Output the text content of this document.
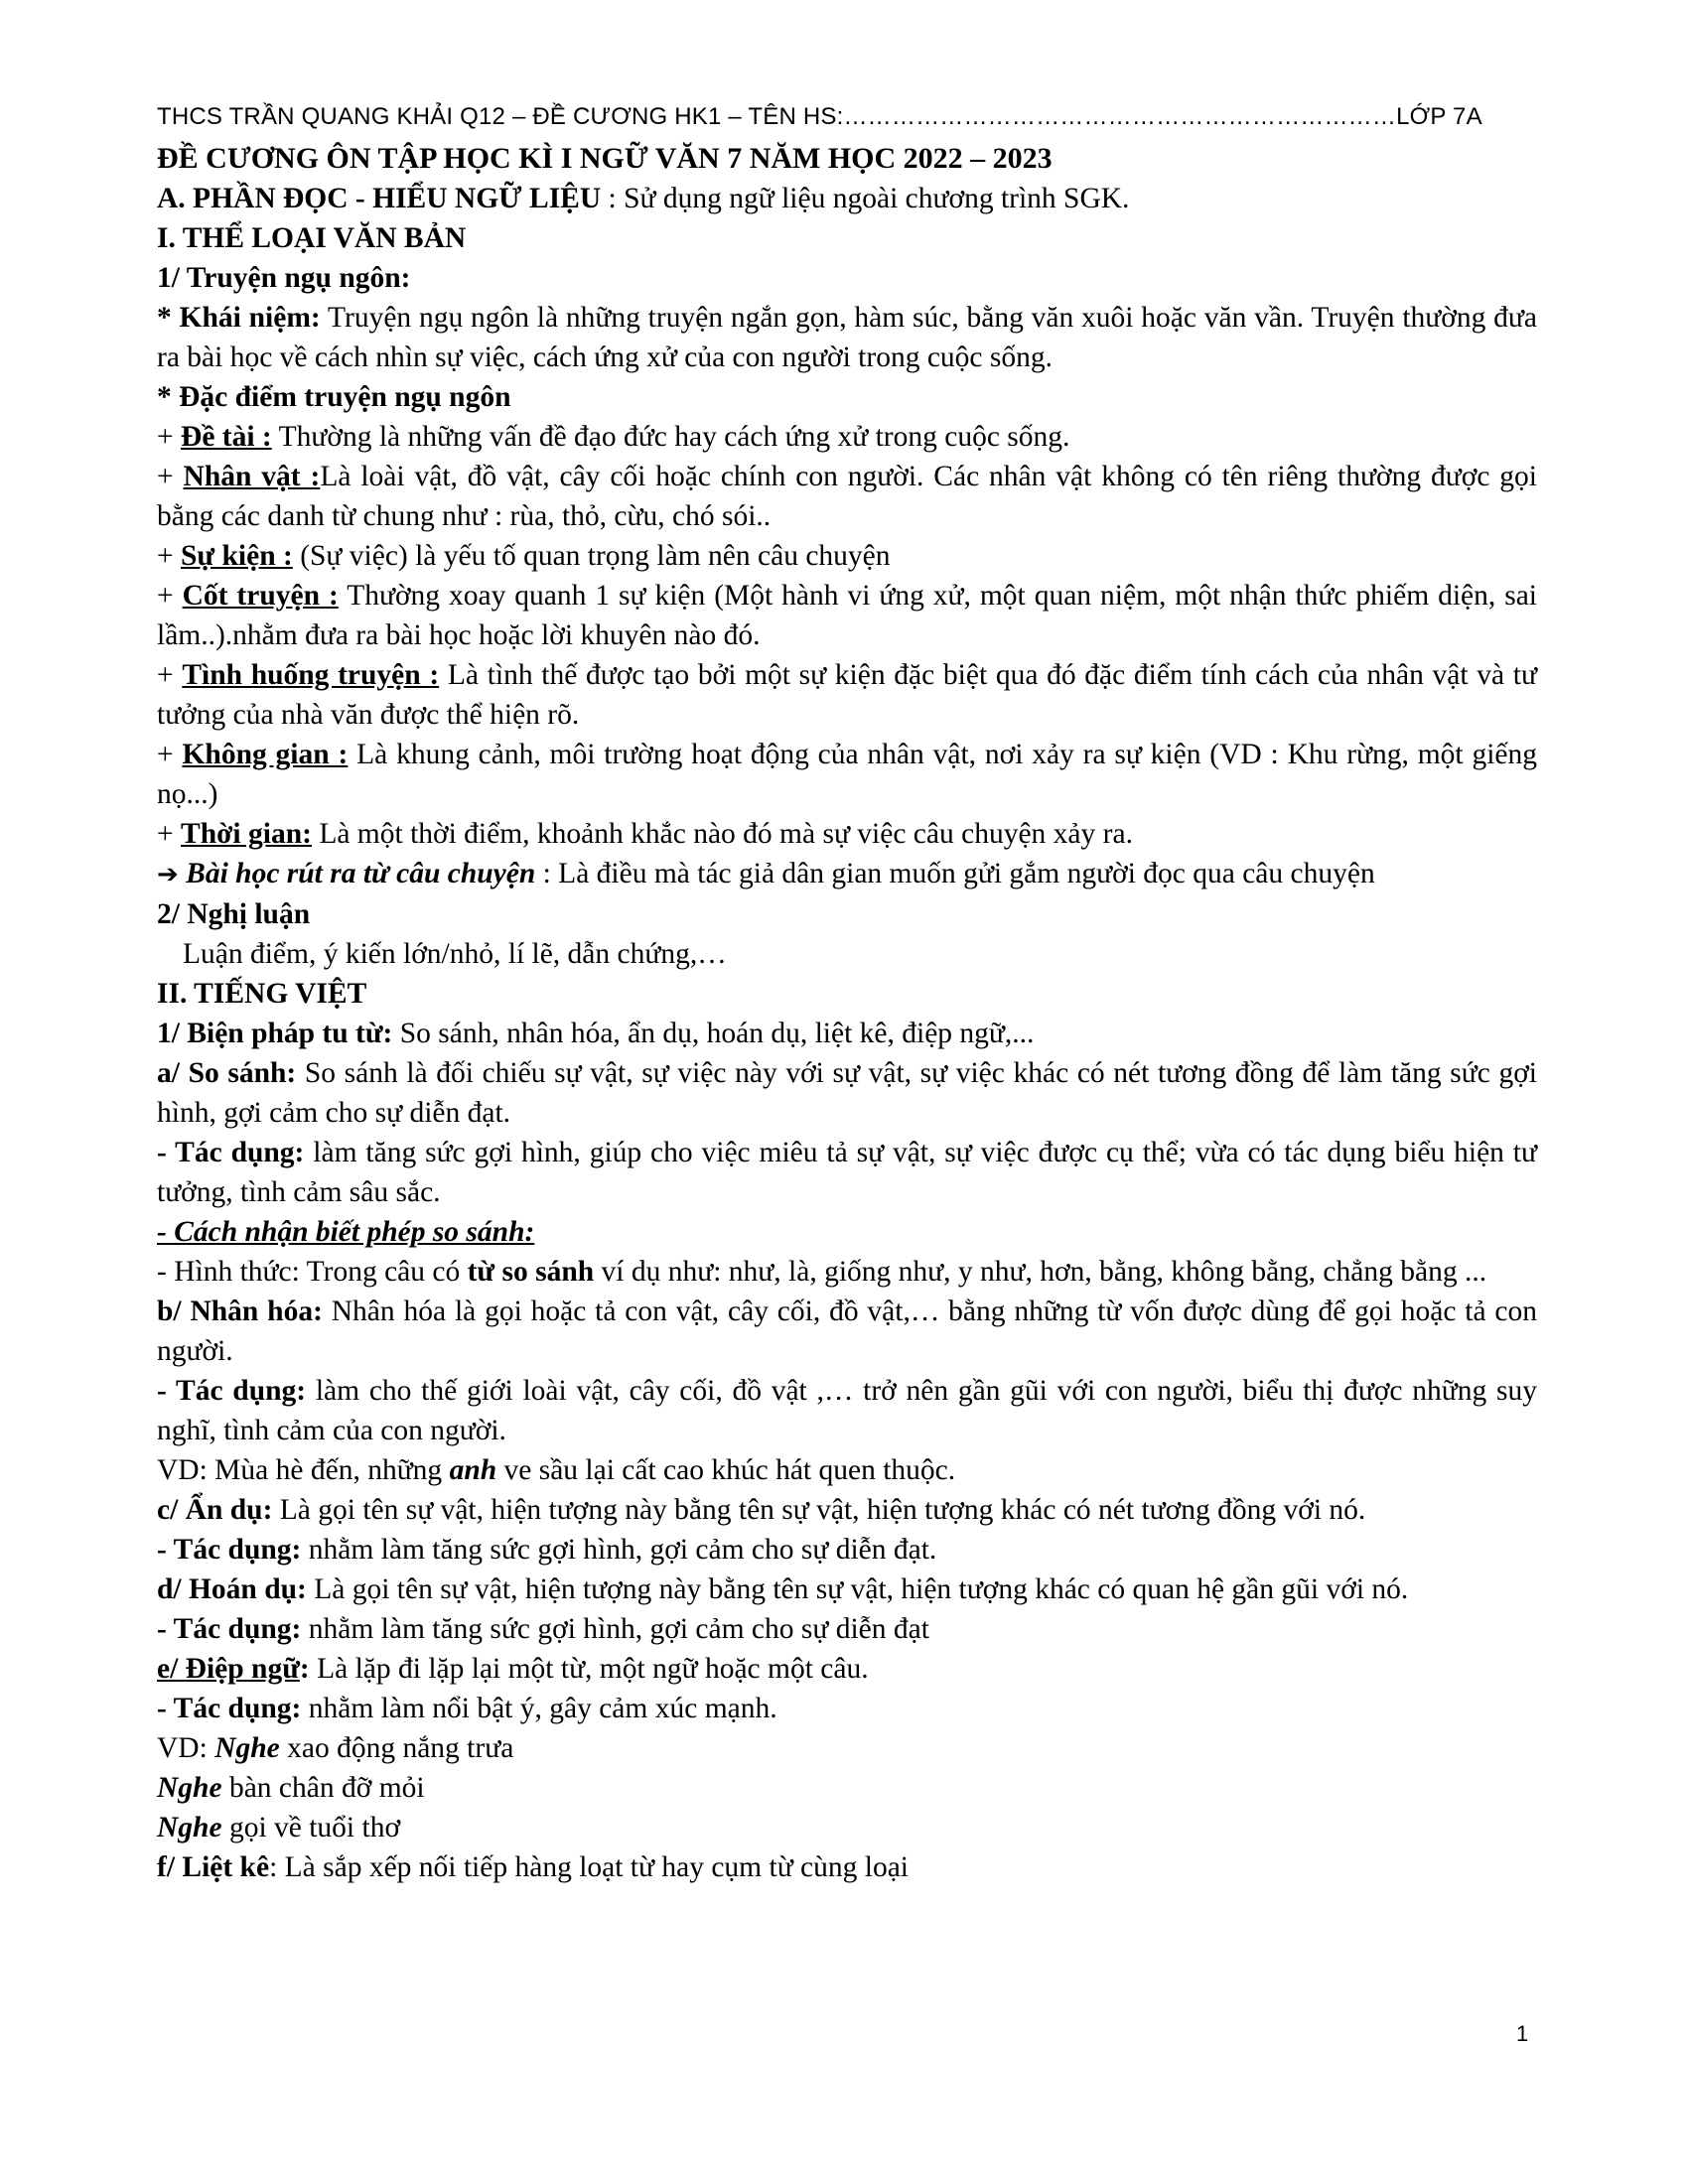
THCS TRẦN QUANG KHẢI Q12 – ĐỀ CƯƠNG HK1 – TÊN HS:……………………………………………………………LỚP 7A
ĐỀ CƯƠNG ÔN TẬP HỌC KÌ I NGỮ VĂN 7 NĂM HỌC 2022 – 2023
A. PHẦN ĐỌC - HIỂU NGỮ LIỆU : Sử dụng ngữ liệu ngoài chương trình SGK.
I. THỂ LOẠI VĂN BẢN
1/ Truyện ngụ ngôn:
* Khái niệm: Truyện ngụ ngôn là những truyện ngắn gọn, hàm súc, bằng văn xuôi hoặc văn vần. Truyện thường đưa ra bài học về cách nhìn sự việc, cách ứng xử của con người trong cuộc sống.
* Đặc điểm truyện ngụ ngôn
+ Đề tài : Thường là những vấn đề đạo đức hay cách ứng xử trong cuộc sống.
+ Nhân vật :Là loài vật, đồ vật, cây cối hoặc chính con người. Các nhân vật không có tên riêng thường được gọi bằng các danh từ chung như : rùa, thỏ, cừu, chó sói..
+ Sự kiện : (Sự việc) là yếu tố quan trọng làm nên câu chuyện
+ Cốt truyện : Thường xoay quanh 1 sự kiện (Một hành vi ứng xử, một quan niệm, một nhận thức phiếm diện, sai lầm..).nhằm đưa ra bài học hoặc lời khuyên nào đó.
+ Tình huống truyện : Là tình thế được tạo bởi một sự kiện đặc biệt qua đó đặc điểm tính cách của nhân vật và tư tưởng của nhà văn được thể hiện rõ.
+ Không gian : Là khung cảnh, môi trường hoạt động của nhân vật, nơi xảy ra sự kiện (VD : Khu rừng, một giếng nọ...)
+ Thời gian: Là một thời điểm, khoảnh khắc nào đó mà sự việc câu chuyện xảy ra.
➔ Bài học rút ra từ câu chuyện : Là điều mà tác giả dân gian muốn gửi gắm người đọc qua câu chuyện
2/ Nghị luận
Luận điểm, ý kiến lớn/nhỏ, lí lẽ, dẫn chứng,…
II. TIẾNG VIỆT
1/ Biện pháp tu từ: So sánh, nhân hóa, ẩn dụ, hoán dụ, liệt kê, điệp ngữ,...
a/ So sánh: So sánh là đối chiếu sự vật, sự việc này với sự vật, sự việc khác có nét tương đồng để làm tăng sức gợi hình, gợi cảm cho sự diễn đạt.
- Tác dụng: làm tăng sức gợi hình, giúp cho việc miêu tả sự vật, sự việc được cụ thể; vừa có tác dụng biểu hiện tư tưởng, tình cảm sâu sắc.
- Cách nhận biết phép so sánh:
- Hình thức: Trong câu có từ so sánh ví dụ như: như, là, giống như, y như, hơn, bằng, không bằng, chẳng bằng ...
b/ Nhân hóa: Nhân hóa là gọi hoặc tả con vật, cây cối, đồ vật,… bằng những từ vốn được dùng để gọi hoặc tả con người.
- Tác dụng: làm cho thế giới loài vật, cây cối, đồ vật ,… trở nên gần gũi với con người, biểu thị được những suy nghĩ, tình cảm của con người.
VD: Mùa hè đến, những anh ve sầu lại cất cao khúc hát quen thuộc.
c/ Ẩn dụ: Là gọi tên sự vật, hiện tượng này bằng tên sự vật, hiện tượng khác có nét tương đồng với nó.
- Tác dụng: nhằm làm tăng sức gợi hình, gợi cảm cho sự diễn đạt.
d/ Hoán dụ: Là gọi tên sự vật, hiện tượng này bằng tên sự vật, hiện tượng khác có quan hệ gần gũi với nó.
- Tác dụng: nhằm làm tăng sức gợi hình, gợi cảm cho sự diễn đạt
e/ Điệp ngữ: Là lặp đi lặp lại một từ, một ngữ hoặc một câu.
- Tác dụng: nhằm làm nổi bật ý, gây cảm xúc mạnh.
VD: Nghe xao động nắng trưa
Nghe bàn chân đỡ mỏi
Nghe gọi về tuổi thơ
f/ Liệt kê: Là sắp xếp nối tiếp hàng loạt từ hay cụm từ cùng loại
1
